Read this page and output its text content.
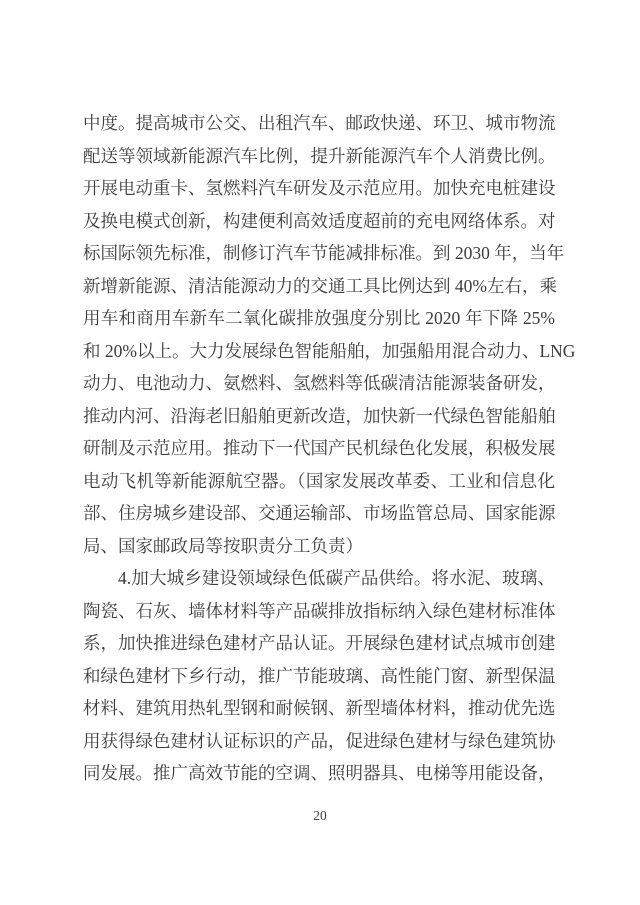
中度。提高城市公交、出租汽车、邮政快递、环卫、城市物流
配送等领域新能源汽车比例，提升新能源汽车个人消费比例。
开展电动重卡、氢燃料汽车研发及示范应用。加快充电桩建设
及换电模式创新，构建便利高效适度超前的充电网络体系。对
标国际领先标准，制修订汽车节能减排标准。到 2030 年，当年
新增新能源、清洁能源动力的交通工具比例达到 40%左右，乘
用车和商用车新车二氧化碳排放强度分别比 2020 年下降 25%
和 20%以上。大力发展绿色智能船舶，加强船用混合动力、LNG
动力、电池动力、氨燃料、氢燃料等低碳清洁能源装备研发，
推动内河、沿海老旧船舶更新改造，加快新一代绿色智能船舶
研制及示范应用。推动下一代国产民机绿色化发展，积极发展
电动飞机等新能源航空器。（国家发展改革委、工业和信息化
部、住房城乡建设部、交通运输部、市场监管总局、国家能源
局、国家邮政局等按职责分工负责）
4.加大城乡建设领域绿色低碳产品供给。将水泥、玻璃、
陶瓷、石灰、墙体材料等产品碳排放指标纳入绿色建材标准体
系，加快推进绿色建材产品认证。开展绿色建材试点城市创建
和绿色建材下乡行动，推广节能玻璃、高性能门窗、新型保温
材料、建筑用热轧型钢和耐候钢、新型墙体材料，推动优先选
用获得绿色建材认证标识的产品，促进绿色建材与绿色建筑协
同发展。推广高效节能的空调、照明器具、电梯等用能设备，
20
